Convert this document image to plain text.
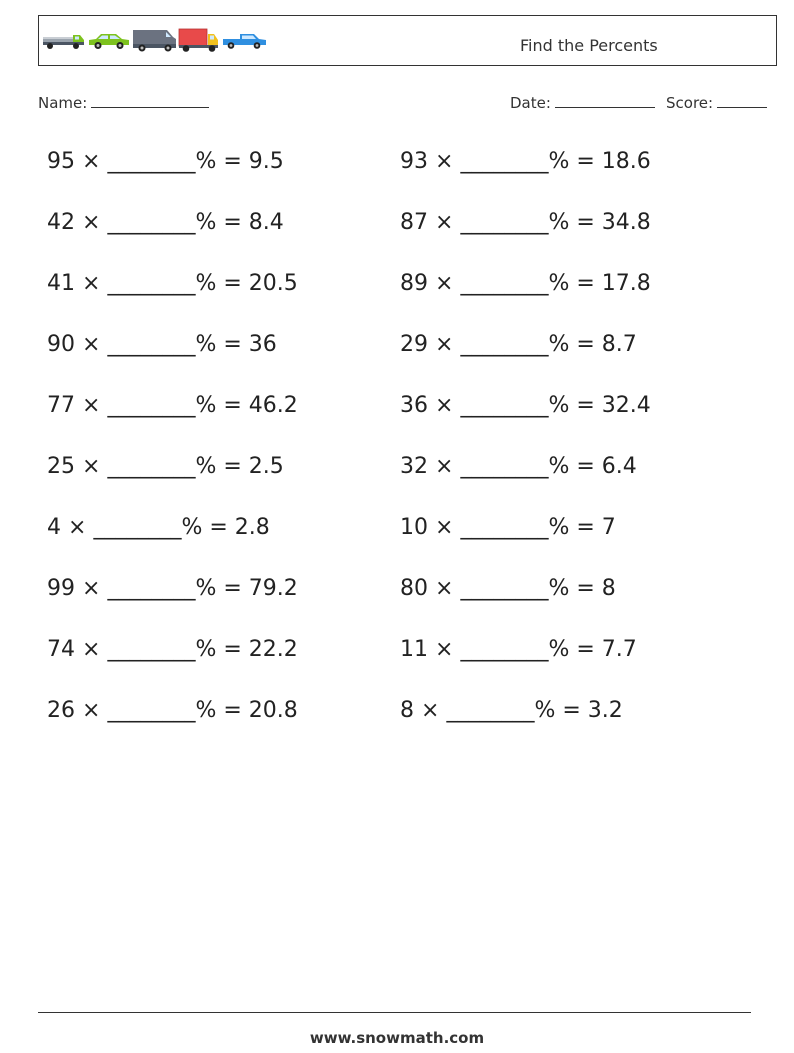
Find the Percents
Name:	Date:	Score:
95 × ________% = 9.5
42 × ________% = 8.4
41 × ________% = 20.5
90 × ________% = 36
77 × ________% = 46.2
25 × ________% = 2.5
4 × ________% = 2.8
99 × ________% = 79.2
74 × ________% = 22.2
26 × ________% = 20.8
93 × ________% = 18.6
87 × ________% = 34.8
89 × ________% = 17.8
29 × ________% = 8.7
36 × ________% = 32.4
32 × ________% = 6.4
10 × ________% = 7
80 × ________% = 8
11 × ________% = 7.7
8 × ________% = 3.2
www.snowmath.com
